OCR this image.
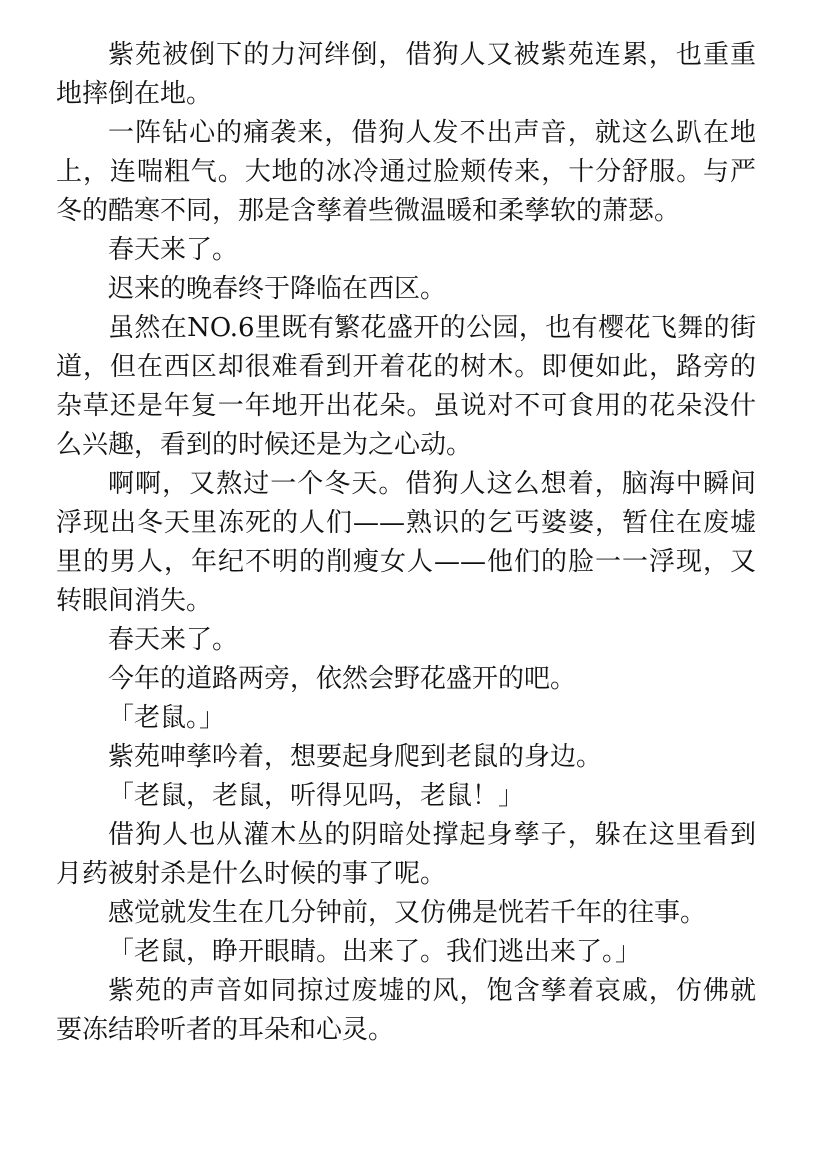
紫苑被倒下的力河绊倒，借狗人又被紫苑连累，也重重地摔倒在地。

一阵钻心的痛袭来，借狗人发不出声音，就这么趴在地上，连喘粗气。大地的冰冷通过脸颊传来，十分舒服。与严冬的酷寒不同，那是含孳着些微温暖和柔孳软的萧瑟。

春天来了。

迟来的晚春终于降临在西区。

虽然在NO.6里既有繁花盛开的公园，也有樱花飞舞的街道，但在西区却很难看到开着花的树木。即便如此，路旁的杂草还是年复一年地开出花朵。虽说对不可食用的花朵没什么兴趣，看到的时候还是为之心动。

啊啊，又熬过一个冬天。借狗人这么想着，脑海中瞬间浮现出冬天里冻死的人们——熟识的乞丐婆婆，暂住在废墟里的男人，年纪不明的削瘦女人——他们的脸一一浮现，又转眼间消失。

春天来了。

今年的道路两旁，依然会野花盛开的吧。

「老鼠。」

紫苑呻孳吟着，想要起身爬到老鼠的身边。

「老鼠，老鼠，听得见吗，老鼠！」

借狗人也从灌木丛的阴暗处撑起身孳子，躲在这里看到月药被射杀是什么时候的事了呢。

感觉就发生在几分钟前，又仿佛是恍若千年的往事。

「老鼠，睁开眼睛。出来了。我们逃出来了。」

紫苑的声音如同掠过废墟的风，饱含孳着哀戚，仿佛就要冻结聆听者的耳朵和心灵。
